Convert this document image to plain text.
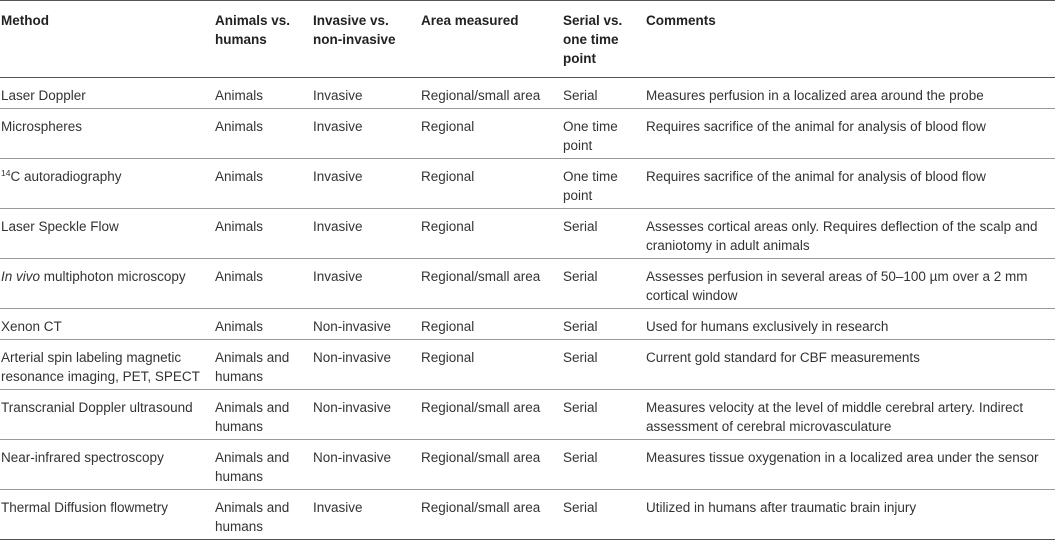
Method	Animals vs. humans	Invasive vs. non-invasive	Area measured	Serial vs. one time point	Comments
Laser Doppler	Animals	Invasive	Regional/small area	Serial	Measures perfusion in a localized area around the probe
Microspheres	Animals	Invasive	Regional	One time point	Requires sacrifice of the animal for analysis of blood flow
$^{14}$C autoradiography	Animals	Invasive	Regional	One time point	Requires sacrifice of the animal for analysis of blood flow
Laser Speckle Flow	Animals	Invasive	Regional	Serial	Assesses cortical areas only. Requires deflection of the scalp and craniotomy in adult animals
In vivo multiphoton microscopy	Animals	Invasive	Regional/small area	Serial	Assesses perfusion in several areas of 50–100 µm over a 2 mm cortical window
Xenon CT	Animals	Non-invasive	Regional	Serial	Used for humans exclusively in research
Arterial spin labeling magnetic resonance imaging, PET, SPECT	Animals and humans	Non-invasive	Regional	Serial	Current gold standard for CBF measurements
Transcranial Doppler ultrasound	Animals and humans	Non-invasive	Regional/small area	Serial	Measures velocity at the level of middle cerebral artery. Indirect assessment of cerebral microvasculature
Near-infrared spectroscopy	Animals and humans	Non-invasive	Regional/small area	Serial	Measures tissue oxygenation in a localized area under the sensor
Thermal Diffusion flowmetry	Animals and humans	Invasive	Regional/small area	Serial	Utilized in humans after traumatic brain injury
